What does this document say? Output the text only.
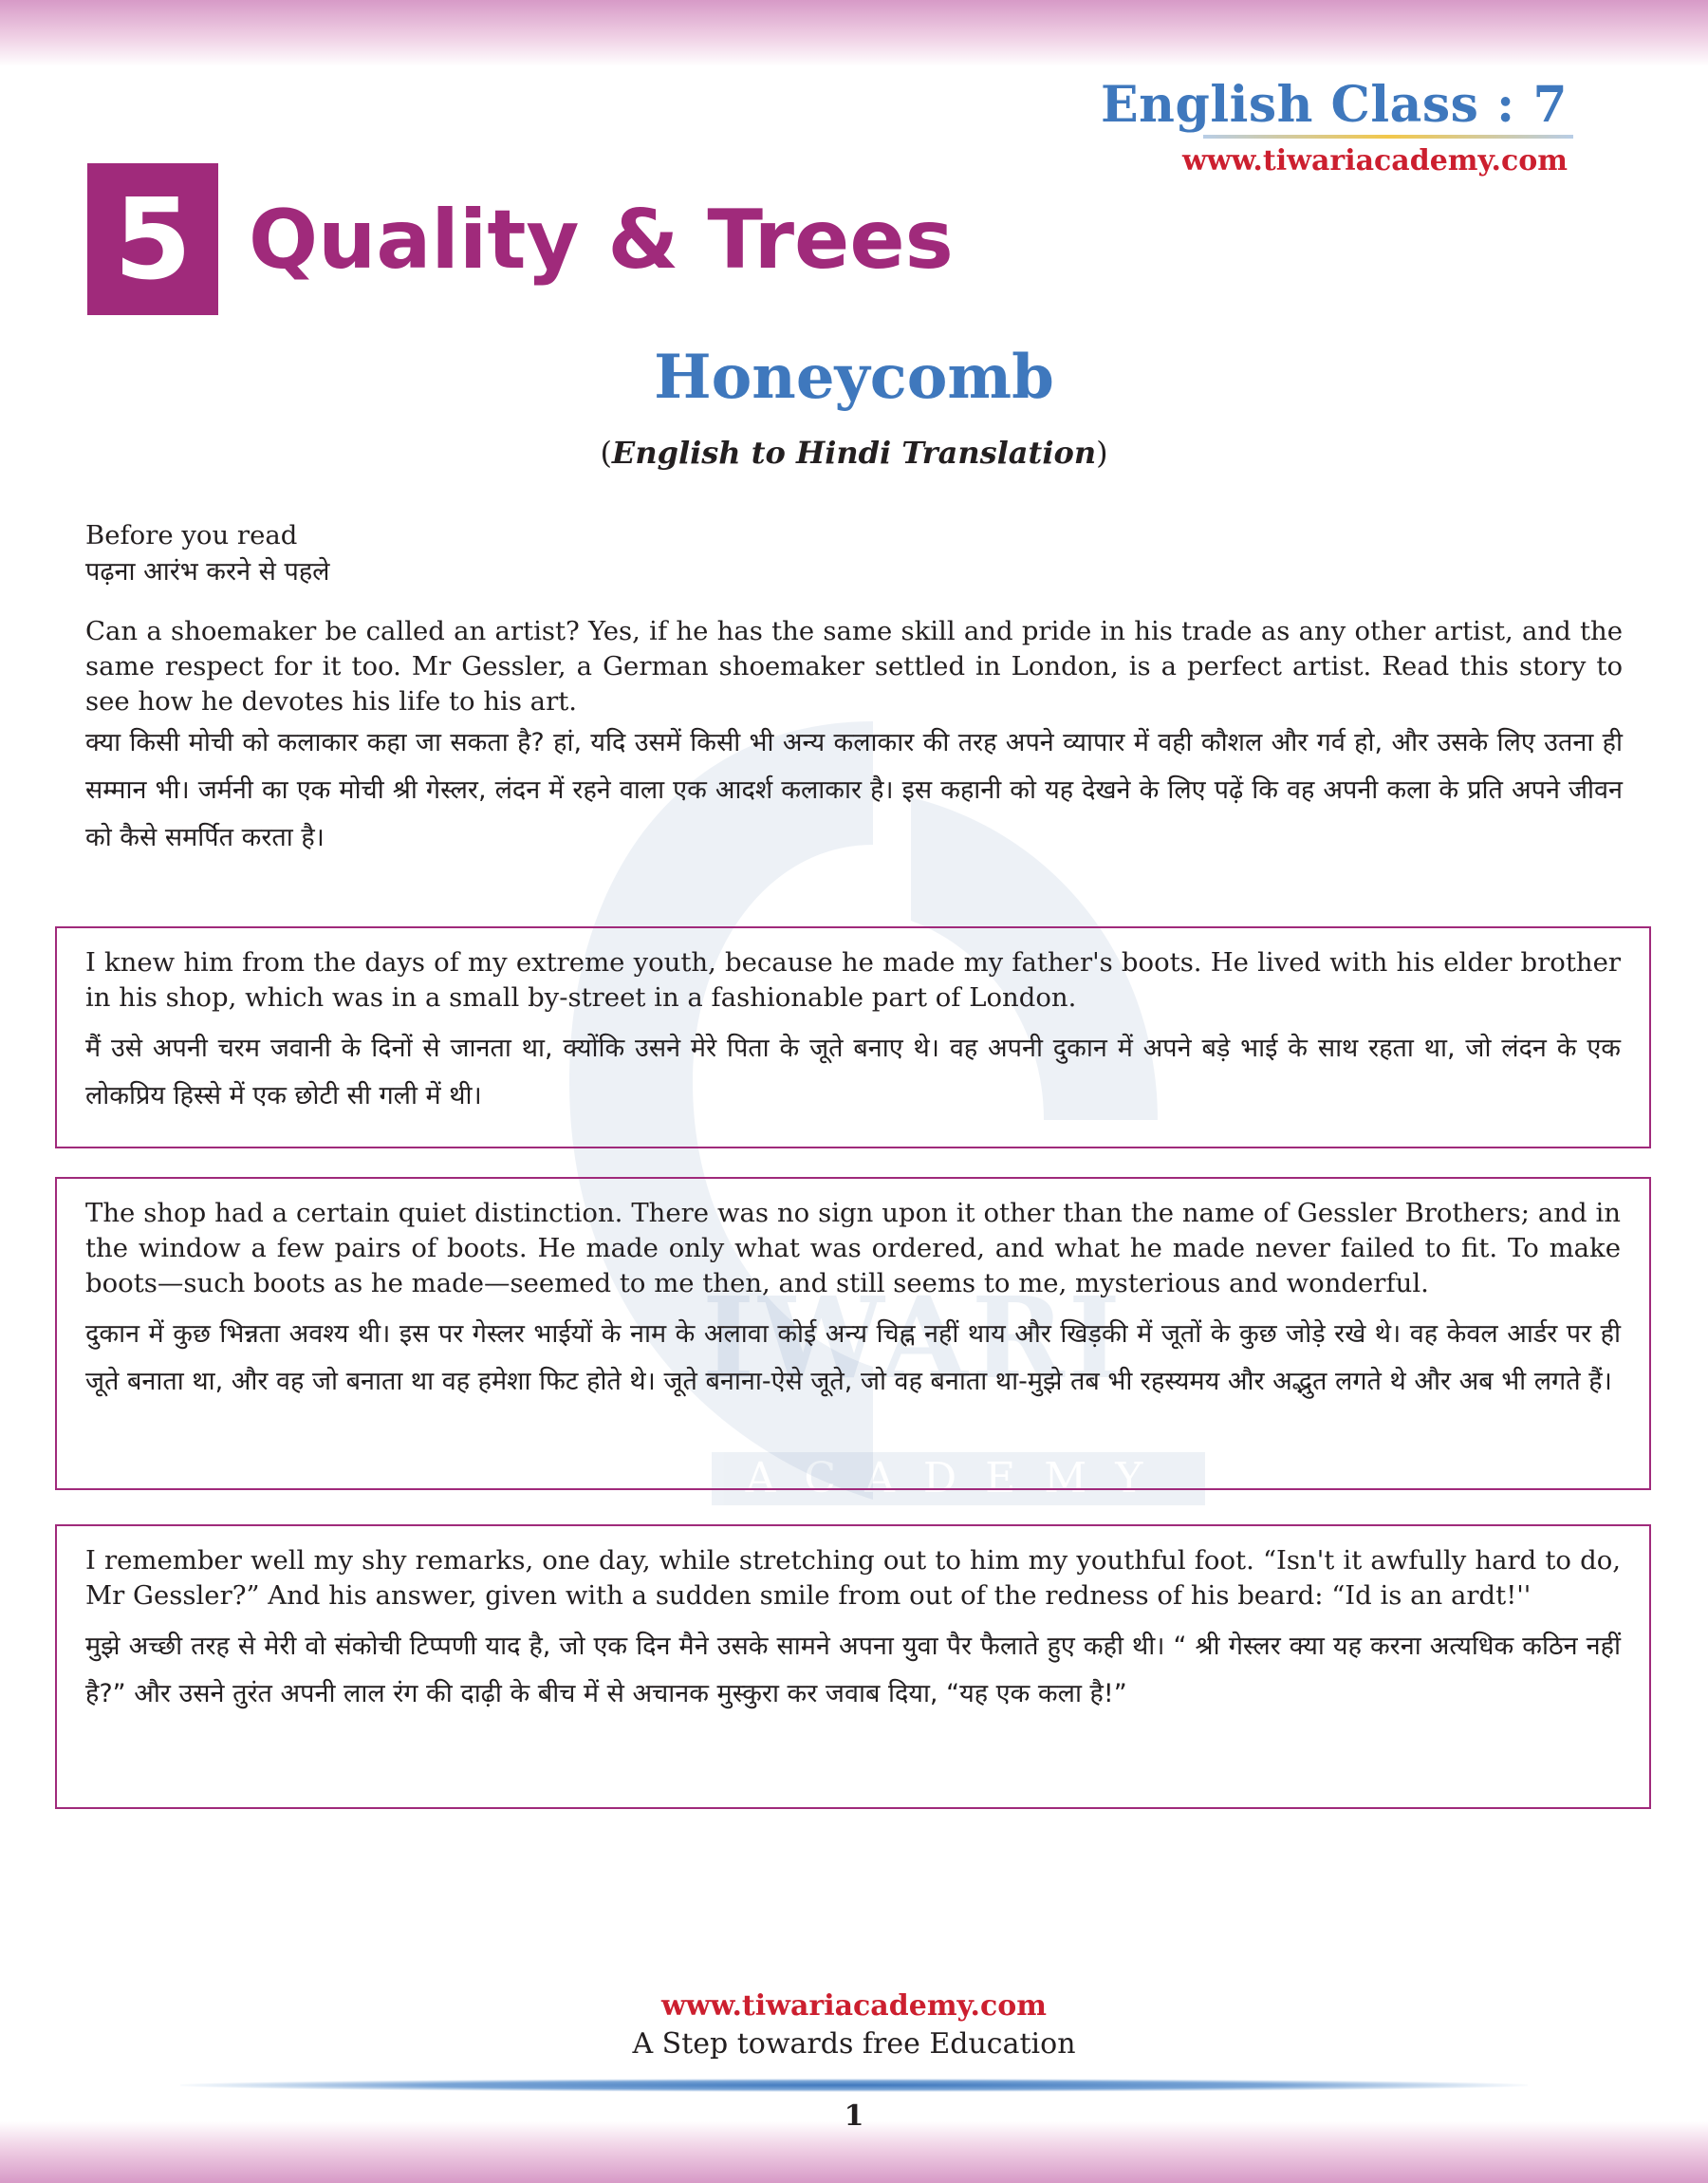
IWARI
ACADEMY
English Class : 7
www.tiwariacademy.com
5 Quality & Trees
Honeycomb
(English to Hindi Translation)

Before you read

पढ़ना आरंभ करने से पहले

Can a shoemaker be called an artist? Yes, if he has the same skill and pride in his trade as any other artist, and the same respect for it too. Mr Gessler, a German shoemaker settled in London, is a perfect artist. Read this story to see how he devotes his life to his art.

क्या किसी मोची को कलाकार कहा जा सकता है? हां, यदि उसमें किसी भी अन्य कलाकार की तरह अपने व्यापार में वही कौशल और गर्व हो, और उसके लिए उतना ही सम्मान भी। जर्मनी का एक मोची श्री गेस्लर, लंदन में रहने वाला एक आदर्श कलाकार है। इस कहानी को यह देखने के लिए पढ़ें कि वह अपनी कला के प्रति अपने जीवन को कैसे समर्पित करता है।

I knew him from the days of my extreme youth, because he made my father's boots. He lived with his elder brother in his shop, which was in a small by-street in a fashionable part of London.

मैं उसे अपनी चरम जवानी के दिनों से जानता था, क्योंकि उसने मेरे पिता के जूते बनाए थे। वह अपनी दुकान में अपने बड़े भाई के साथ रहता था, जो लंदन के एक लोकप्रिय हिस्से में एक छोटी सी गली में थी।

The shop had a certain quiet distinction. There was no sign upon it other than the name of Gessler Brothers; and in the window a few pairs of boots. He made only what was ordered, and what he made never failed to fit. To make boots—such boots as he made—seemed to me then, and still seems to me, mysterious and wonderful.

दुकान में कुछ भिन्नता अवश्य थी। इस पर गेस्लर भाईयों के नाम के अलावा कोई अन्य चिह्न नहीं थाय और खिड़की में जूतों के कुछ जोड़े रखे थे। वह केवल आर्डर पर ही जूते बनाता था, और वह जो बनाता था वह हमेशा फिट होते थे। जूते बनाना-ऐसे जूते, जो वह बनाता था-मुझे तब भी रहस्यमय और अद्भुत लगते थे और अब भी लगते हैं।

I remember well my shy remarks, one day, while stretching out to him my youthful foot. “Isn't it awfully hard to do, Mr Gessler?” And his answer, given with a sudden smile from out of the redness of his beard: “Id is an ardt!''

मुझे अच्छी तरह से मेरी वो संकोची टिप्पणी याद है, जो एक दिन मैने उसके सामने अपना युवा पैर फैलाते हुए कही थी। “ श्री गेस्लर क्या यह करना अत्यधिक कठिन नहीं है?” और उसने तुरंत अपनी लाल रंग की दाढ़ी के बीच में से अचानक मुस्कुरा कर जवाब दिया, “यह एक कला है!”

www.tiwariacademy.com
A Step towards free Education
1
